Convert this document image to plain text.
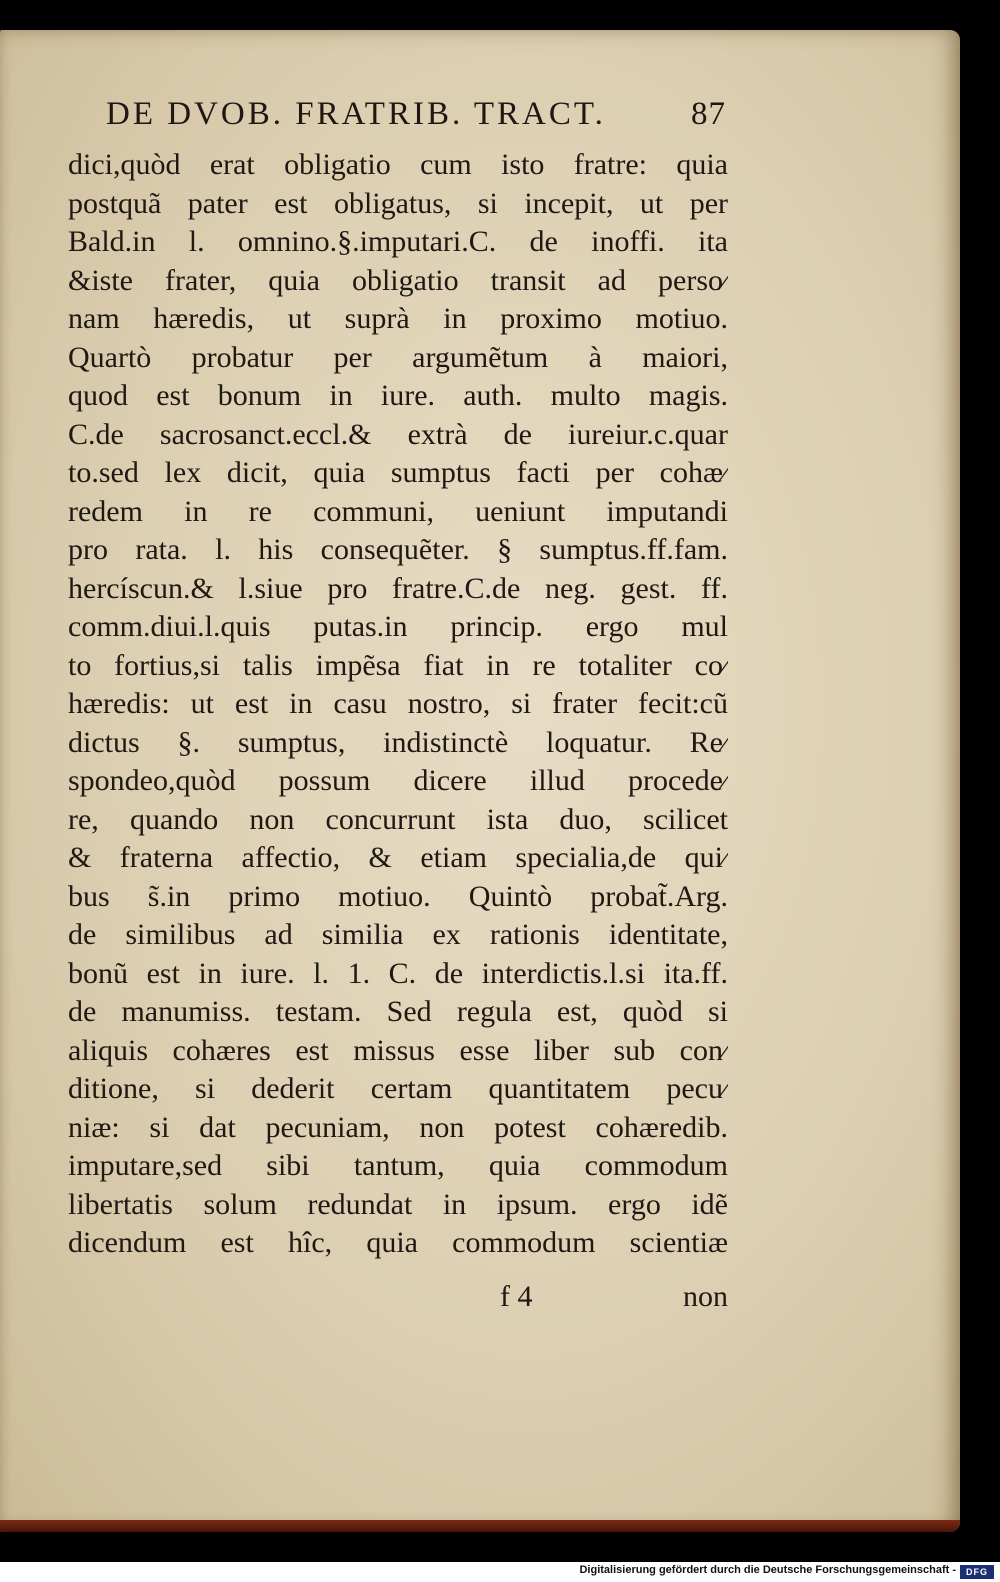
DE DVOB. FRATRIB. TRACT.	87
dici,quòd erat obligatio cum isto fratre: quia
postquã pater est obligatus, si incepit, ut per
Bald.in l. omnino.§.imputari.C. de inoffi. ita
&iste frater, quia obligatio transit ad perso⁄
nam hæredis, ut suprà in proximo motiuo.
Quartò probatur per argumẽtum à maiori,
quod est bonum in iure. auth. multo magis.
C.de sacrosanct.eccl.& extrà de iureiur.c.quar
to.sed lex dicit, quia sumptus facti per cohæ⁄
redem in re communi, ueniunt imputandi
pro rata. l. his consequẽter. § sumptus.ff.fam.
hercíscun.& l.siue pro fratre.C.de neg. gest. ff.
comm.diui.l.quis putas.in princip. ergo mul
to fortius,si talis impẽsa fiat in re totaliter co⁄
hæredis: ut est in casu nostro, si frater fecit:cũ
dictus §. sumptus, indistinctè loquatur. Re⁄
spondeo,quòd possum dicere illud procede⁄
re, quando non concurrunt ista duo, scilicet
& fraterna affectio, & etiam specialia,de qui⁄
bus s̃.in primo motiuo. Quintò probat̃.Arg.
de similibus ad similia ex rationis identitate,
bonũ est in iure. l. 1. C. de interdictis.l.si ita.ff.
de manumiss. testam. Sed regula est, quòd si
aliquis cohæres est missus esse liber sub con⁄
ditione, si dederit certam quantitatem pecu⁄
niæ: si dat pecuniam, non potest cohæredib.
imputare,sed sibi tantum, quia commodum
libertatis solum redundat in ipsum. ergo idẽ
dicendum est hîc, quia commodum scientiæ
f 4	non
Digitalisierung gefördert durch die Deutsche Forschungsgemeinschaft -	DFG
